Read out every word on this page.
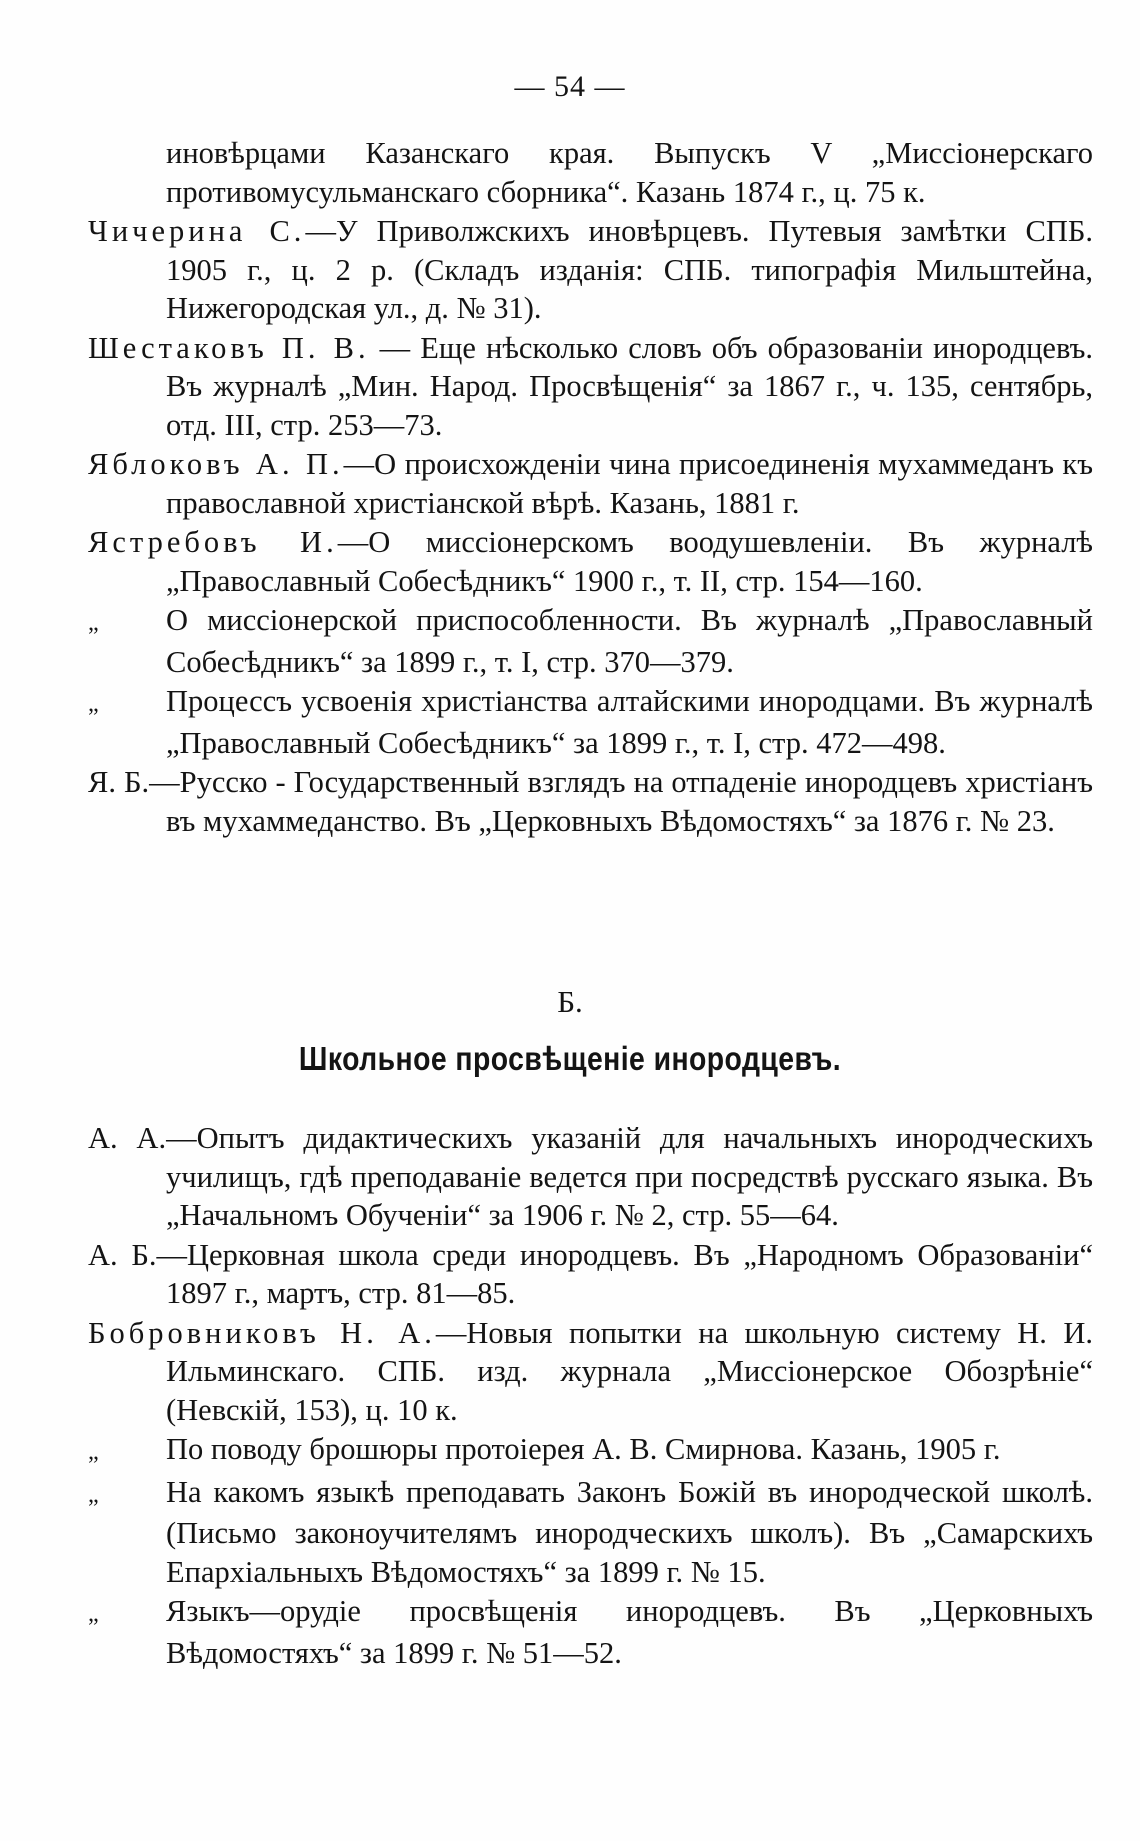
— 54 —

иновѣрцами Казанскаго края. Выпускъ V „Миссіонерскаго противомусульманскаго сборника“. Казань 1874 г., ц. 75 к.

Чичерина С.—У Приволжскихъ иновѣрцевъ. Путевыя замѣтки СПБ. 1905 г., ц. 2 р. (Складъ изданія: СПБ. типографія Мильштейна, Нижегородская ул., д. № 31).

Шестаковъ П. В. — Еще нѣсколько словъ объ образованіи инородцевъ. Въ журналѣ „Мин. Народ. Просвѣщенія“ за 1867 г., ч. 135, сентябрь, отд. III, стр. 253—73.

Яблоковъ А. П.—О происхожденіи чина присоединенія мухаммеданъ къ православной христіанской вѣрѣ. Казань, 1881 г.

Ястребовъ И.—О миссіонерскомъ воодушевленіи. Въ журналѣ „Православный Собесѣдникъ“ 1900 г., т. II, стр. 154—160.

„ О миссіонерской приспособленности. Въ журналѣ „Православный Собесѣдникъ“ за 1899 г., т. I, стр. 370—379.

„ Процессъ усвоенія христіанства алтайскими инородцами. Въ журналѣ „Православный Собесѣдникъ“ за 1899 г., т. I, стр. 472—498.

Я. Б.—Русско - Государственный взглядъ на отпаденіе инородцевъ христіанъ въ мухаммеданство. Въ „Церковныхъ Вѣдомостяхъ“ за 1876 г. № 23.

Б.
Школьное просвѣщеніе инородцевъ.

А. А.—Опытъ дидактическихъ указаній для начальныхъ инородческихъ училищъ, гдѣ преподаваніе ведется при посредствѣ русскаго языка. Въ „Начальномъ Обученіи“ за 1906 г. № 2, стр. 55—64.

А. Б.—Церковная школа среди инородцевъ. Въ „Народномъ Образованіи“ 1897 г., мартъ, стр. 81—85.

Бобровниковъ Н. А.—Новыя попытки на школьную систему Н. И. Ильминскаго. СПБ. изд. журнала „Миссіонерское Обозрѣніе“ (Невскій, 153), ц. 10 к.

„ По поводу брошюры протоіерея А. В. Смирнова. Казань, 1905 г.

„ На какомъ языкѣ преподавать Законъ Божій въ инородческой школѣ. (Письмо законоучителямъ инородческихъ школъ). Въ „Самарскихъ Епархіальныхъ Вѣдомостяхъ“ за 1899 г. № 15.

„ Языкъ—орудіе просвѣщенія инородцевъ. Въ „Церковныхъ Вѣдомостяхъ“ за 1899 г. № 51—52.
